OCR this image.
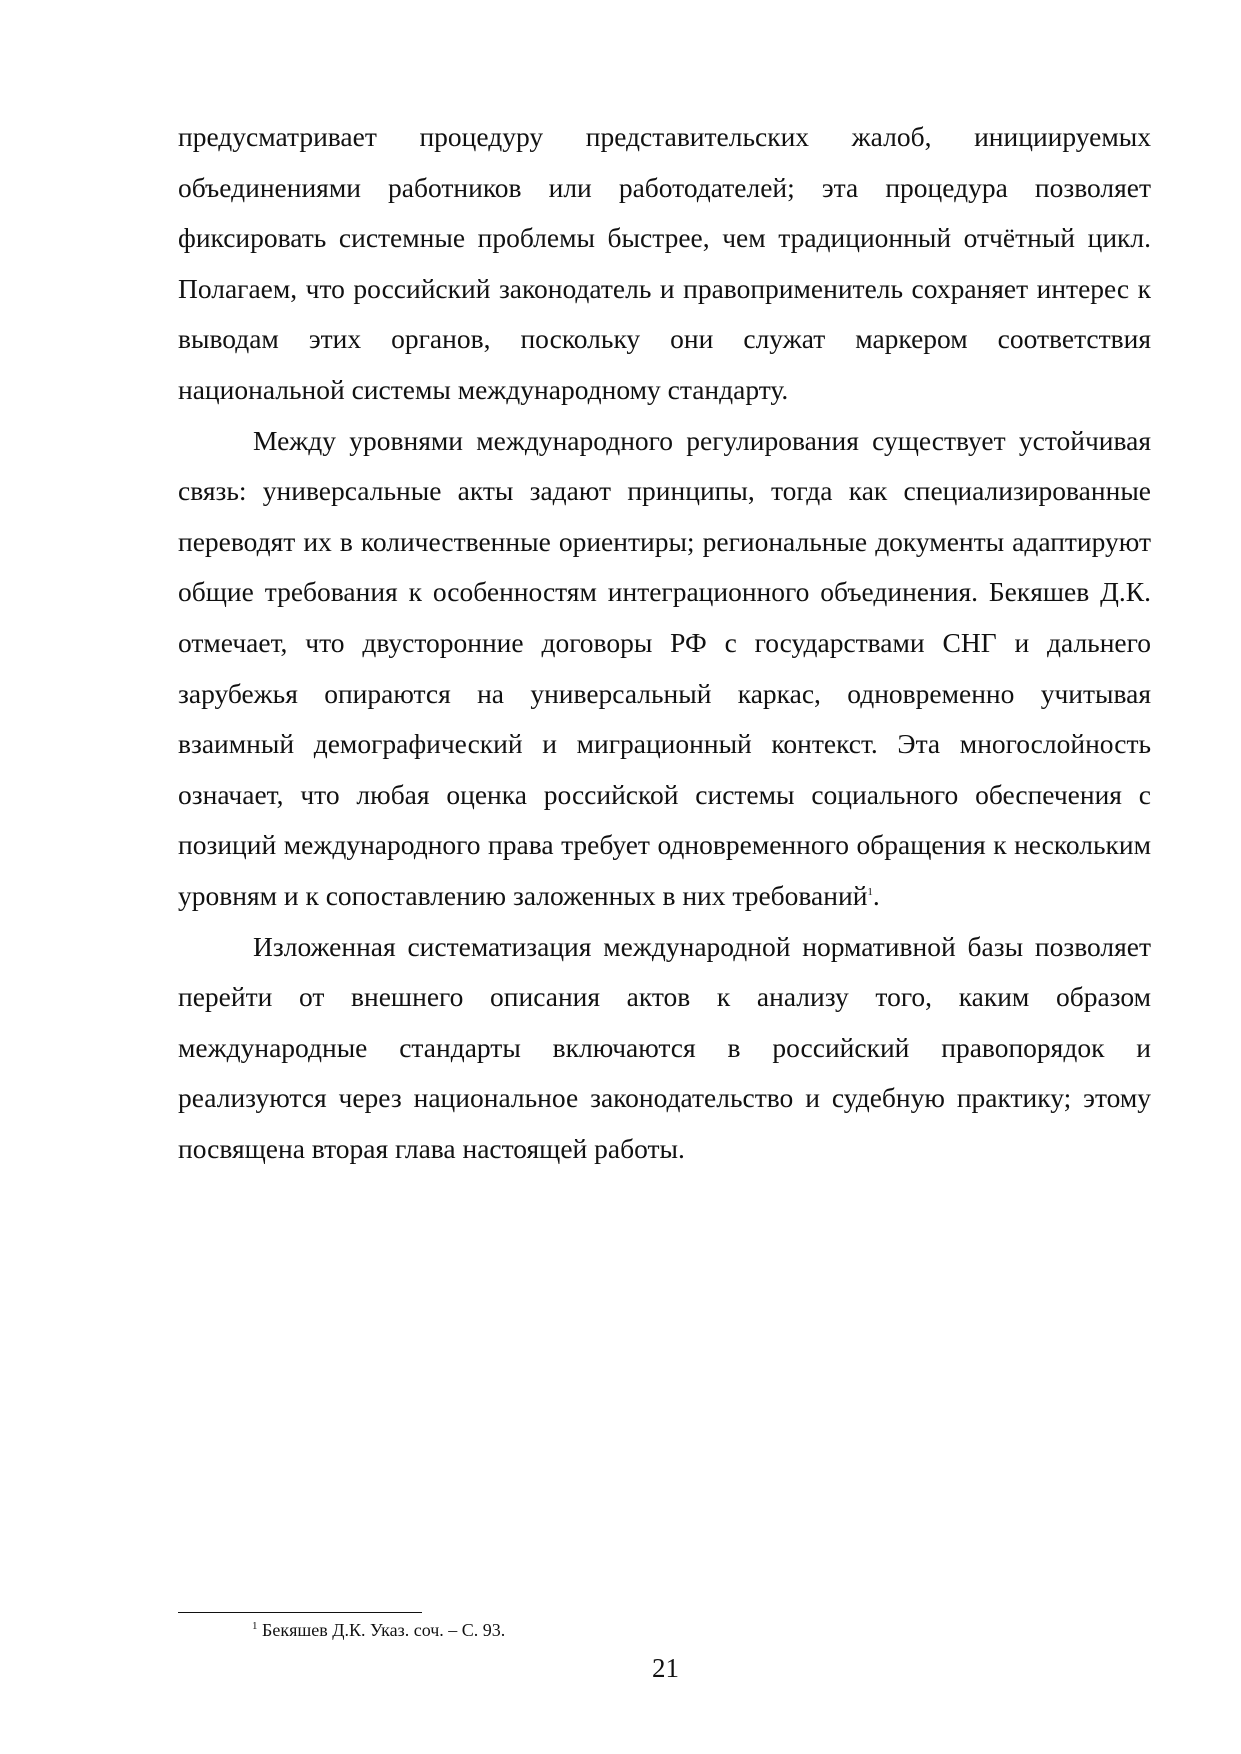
предусматривает процедуру представительских жалоб, инициируемых объединениями работников или работодателей; эта процедура позволяет фиксировать системные проблемы быстрее, чем традиционный отчётный цикл. Полагаем, что российский законодатель и правоприменитель сохраняет интерес к выводам этих органов, поскольку они служат маркером соответствия национальной системы международному стандарту.

Между уровнями международного регулирования существует устойчивая связь: универсальные акты задают принципы, тогда как специализированные переводят их в количественные ориентиры; региональные документы адаптируют общие требования к особенностям интеграционного объединения. Бекяшев Д.К. отмечает, что двусторонние договоры РФ с государствами СНГ и дальнего зарубежья опираются на универсальный каркас, одновременно учитывая взаимный демографический и миграционный контекст. Эта многослойность означает, что любая оценка российской системы социального обеспечения с позиций международного права требует одновременного обращения к нескольким уровням и к сопоставлению заложенных в них требований$^1$.

Изложенная систематизация международной нормативной базы позволяет перейти от внешнего описания актов к анализу того, каким образом международные стандарты включаются в российский правопорядок и реализуются через национальное законодательство и судебную практику; этому посвящена вторая глава настоящей работы.

$^1$ Бекяшев Д.К. Указ. соч. – С. 93.
21
